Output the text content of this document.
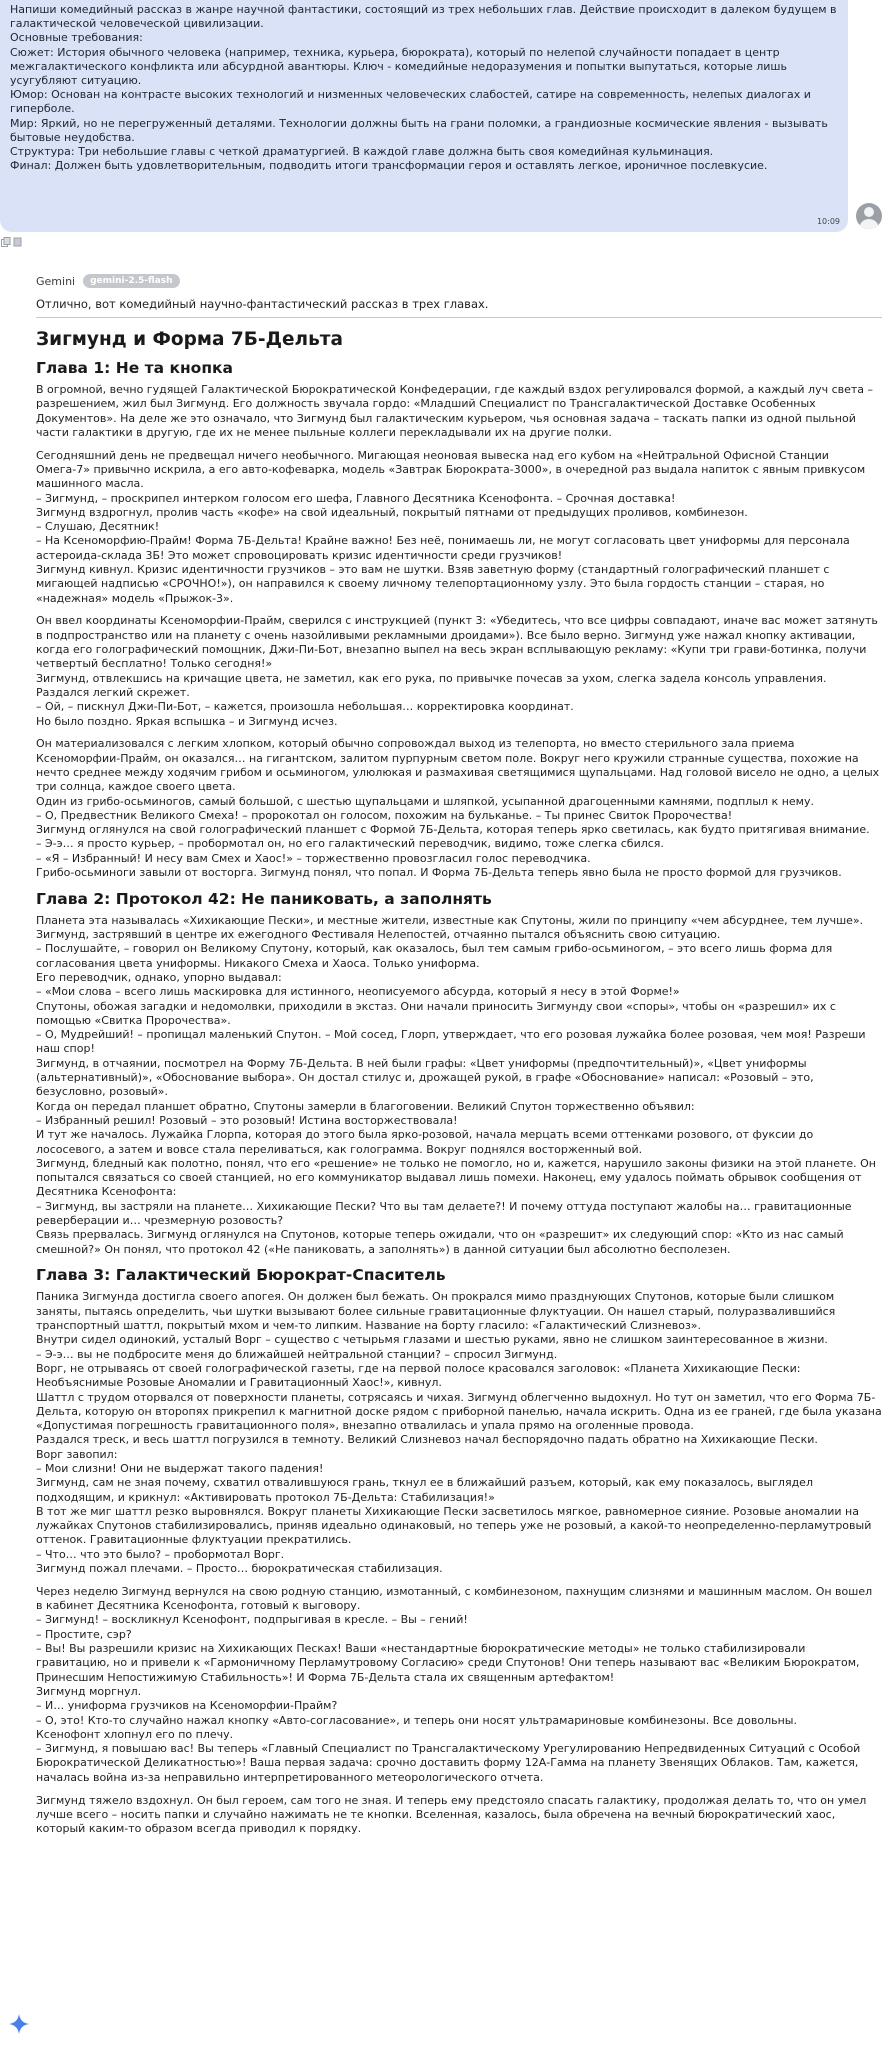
Напиши комедийный рассказ в жанре научной фантастики, состоящий из трех небольших глав. Действие происходит в далеком будущем в галактической человеческой цивилизации.

Основные требования:

Сюжет: История обычного человека (например, техника, курьера, бюрократа), который по нелепой случайности попадает в центр межгалактического конфликта или абсурдной авантюры. Ключ - комедийные недоразумения и попытки выпутаться, которые лишь усугубляют ситуацию.

Юмор: Основан на контрасте высоких технологий и низменных человеческих слабостей, сатире на современность, нелепых диалогах и гиперболе.

Мир: Яркий, но не перегруженный деталями. Технологии должны быть на грани поломки, а грандиозные космические явления - вызывать бытовые неудобства.

Структура: Три небольшие главы с четкой драматургией. В каждой главе должна быть своя комедийная кульминация.

Финал: Должен быть удовлетворительным, подводить итоги трансформации героя и оставлять легкое, ироничное послевкусие.

10:09
Gemini	gemini-2.5-flash
Отлично, вот комедийный научно-фантастический рассказ в трех главах.
Зигмунд и Форма 7Б-Дельта
Глава 1: Не та кнопка

В огромной, вечно гудящей Галактической Бюрократической Конфедерации, где каждый вздох регулировался формой, а каждый луч света – разрешением, жил был Зигмунд. Его должность звучала гордо: «Младший Специалист по Трансгалактической Доставке Особенных Документов». На деле же это означало, что Зигмунд был галактическим курьером, чья основная задача – таскать папки из одной пыльной части галактики в другую, где их не менее пыльные коллеги перекладывали их на другие полки.

Сегодняшний день не предвещал ничего необычного. Мигающая неоновая вывеска над его кубом на «Нейтральной Офисной Станции Омега-7» привычно искрила, а его авто-кофеварка, модель «Завтрак Бюрократа-3000», в очередной раз выдала напиток с явным привкусом машинного масла.
– Зигмунд, – проскрипел интерком голосом его шефа, Главного Десятника Ксенофонта. – Срочная доставка!
Зигмунд вздрогнул, пролив часть «кофе» на свой идеальный, покрытый пятнами от предыдущих проливов, комбинезон.
– Слушаю, Десятник!
– На Ксеноморфию-Прайм! Форма 7Б-Дельта! Крайне важно! Без неё, понимаешь ли, не могут согласовать цвет униформы для персонала астероида-склада 3Б! Это может спровоцировать кризис идентичности среди грузчиков!
Зигмунд кивнул. Кризис идентичности грузчиков – это вам не шутки. Взяв заветную форму (стандартный голографический планшет с мигающей надписью «СРОЧНО!»), он направился к своему личному телепортационному узлу. Это была гордость станции – старая, но «надежная» модель «Прыжок-3».

Он ввел координаты Ксеноморфии-Прайм, сверился с инструкцией (пункт 3: «Убедитесь, что все цифры совпадают, иначе вас может затянуть в подпространство или на планету с очень назойливыми рекламными дроидами»). Все было верно. Зигмунд уже нажал кнопку активации, когда его голографический помощник, Джи-Пи-Бот, внезапно выпел на весь экран всплывающую рекламу: «Купи три грави-ботинка, получи четвертый бесплатно! Только сегодня!»
Зигмунд, отвлекшись на кричащие цвета, не заметил, как его рука, по привычке почесав за ухом, слегка задела консоль управления. Раздался легкий скрежет.
– Ой, – пискнул Джи-Пи-Бот, – кажется, произошла небольшая… корректировка координат.
Но было поздно. Яркая вспышка – и Зигмунд исчез.

Он материализовался с легким хлопком, который обычно сопровождал выход из телепорта, но вместо стерильного зала приема Ксеноморфии-Прайм, он оказался… на гигантском, залитом пурпурным светом поле. Вокруг него кружили странные существа, похожие на нечто среднее между ходячим грибом и осьминогом, улюлюкая и размахивая светящимися щупальцами. Над головой висело не одно, а целых три солнца, каждое своего цвета.
Один из грибо-осьминогов, самый большой, с шестью щупальцами и шляпкой, усыпанной драгоценными камнями, подплыл к нему.
– О, Предвестник Великого Смеха! – пророкотал он голосом, похожим на бульканье. – Ты принес Свиток Пророчества!
Зигмунд оглянулся на свой голографический планшет с Формой 7Б-Дельта, которая теперь ярко светилась, как будто притягивая внимание.
– Э-э… я просто курьер, – пробормотал он, но его галактический переводчик, видимо, тоже слегка сбился.
– «Я – Избранный! И несу вам Смех и Хаос!» – торжественно провозгласил голос переводчика.
Грибо-осьминоги завыли от восторга. Зигмунд понял, что попал. И Форма 7Б-Дельта теперь явно была не просто формой для грузчиков.

Глава 2: Протокол 42: Не паниковать, а заполнять

Планета эта называлась «Хихикающие Пески», и местные жители, известные как Спутоны, жили по принципу «чем абсурднее, тем лучше». Зигмунд, застрявший в центре их ежегодного Фестиваля Нелепостей, отчаянно пытался объяснить свою ситуацию.
– Послушайте, – говорил он Великому Спутону, который, как оказалось, был тем самым грибо-осьминогом, – это всего лишь форма для согласования цвета униформы. Никакого Смеха и Хаоса. Только униформа.
Его переводчик, однако, упорно выдавал:
– «Мои слова – всего лишь маскировка для истинного, неописуемого абсурда, который я несу в этой Форме!»
Спутоны, обожая загадки и недомолвки, приходили в экстаз. Они начали приносить Зигмунду свои «споры», чтобы он «разрешил» их с помощью «Свитка Пророчества».
– О, Мудрейший! – пропищал маленький Спутон. – Мой сосед, Глорп, утверждает, что его розовая лужайка более розовая, чем моя! Разреши наш спор!
Зигмунд, в отчаянии, посмотрел на Форму 7Б-Дельта. В ней были графы: «Цвет униформы (предпочтительный)», «Цвет униформы (альтернативный)», «Обоснование выбора». Он достал стилус и, дрожащей рукой, в графе «Обоснование» написал: «Розовый – это, безусловно, розовый».
Когда он передал планшет обратно, Спутоны замерли в благоговении. Великий Спутон торжественно объявил:
– Избранный решил! Розовый – это розовый! Истина восторжествовала!
И тут же началось. Лужайка Глорпа, которая до этого была ярко-розовой, начала мерцать всеми оттенками розового, от фуксии до лососевого, а затем и вовсе стала переливаться, как голограмма. Вокруг поднялся восторженный вой.
Зигмунд, бледный как полотно, понял, что его «решение» не только не помогло, но и, кажется, нарушило законы физики на этой планете. Он попытался связаться со своей станцией, но его коммуникатор выдавал лишь помехи. Наконец, ему удалось поймать обрывок сообщения от Десятника Ксенофонта:
– Зигмунд, вы застряли на планете… Хихикающие Пески? Что вы там делаете?! И почему оттуда поступают жалобы на… гравитационные реверберации и… чрезмерную розовость?
Связь прервалась. Зигмунд оглянулся на Спутонов, которые теперь ожидали, что он «разрешит» их следующий спор: «Кто из нас самый смешной?» Он понял, что протокол 42 («Не паниковать, а заполнять») в данной ситуации был абсолютно бесполезен.

Глава 3: Галактический Бюрократ-Спаситель

Паника Зигмунда достигла своего апогея. Он должен был бежать. Он прокрался мимо празднующих Спутонов, которые были слишком заняты, пытаясь определить, чьи шутки вызывают более сильные гравитационные флуктуации. Он нашел старый, полуразвалившийся транспортный шаттл, покрытый мхом и чем-то липким. Название на борту гласило: «Галактический Слизневоз».
Внутри сидел одинокий, усталый Ворг – существо с четырьмя глазами и шестью руками, явно не слишком заинтересованное в жизни.
– Э-э… вы не подбросите меня до ближайшей нейтральной станции? – спросил Зигмунд.
Ворг, не отрываясь от своей голографической газеты, где на первой полосе красовался заголовок: «Планета Хихикающие Пески: Необъяснимые Розовые Аномалии и Гравитационный Хаос!», кивнул.
Шаттл с трудом оторвался от поверхности планеты, сотрясаясь и чихая. Зигмунд облегченно выдохнул. Но тут он заметил, что его Форма 7Б-Дельта, которую он второпях прикрепил к магнитной доске рядом с приборной панелью, начала искрить. Одна из ее граней, где была указана «Допустимая погрешность гравитационного поля», внезапно отвалилась и упала прямо на оголенные провода.
Раздался треск, и весь шаттл погрузился в темноту. Великий Слизневоз начал беспорядочно падать обратно на Хихикающие Пески.
Ворг завопил:
– Мои слизни! Они не выдержат такого падения!
Зигмунд, сам не зная почему, схватил отвалившуюся грань, ткнул ее в ближайший разъем, который, как ему показалось, выглядел подходящим, и крикнул: «Активировать протокол 7Б-Дельта: Стабилизация!»
В тот же миг шаттл резко выровнялся. Вокруг планеты Хихикающие Пески засветилось мягкое, равномерное сияние. Розовые аномалии на лужайках Спутонов стабилизировались, приняв идеально одинаковый, но теперь уже не розовый, а какой-то неопределенно-перламутровый оттенок. Гравитационные флуктуации прекратились.
– Что… что это было? – пробормотал Ворг.
Зигмунд пожал плечами. – Просто… бюрократическая стабилизация.

Через неделю Зигмунд вернулся на свою родную станцию, измотанный, с комбинезоном, пахнущим слизнями и машинным маслом. Он вошел в кабинет Десятника Ксенофонта, готовый к выговору.
– Зигмунд! – воскликнул Ксенофонт, подпрыгивая в кресле. – Вы – гений!
– Простите, сэр?
– Вы! Вы разрешили кризис на Хихикающих Песках! Ваши «нестандартные бюрократические методы» не только стабилизировали гравитацию, но и привели к «Гармоничному Перламутровому Согласию» среди Спутонов! Они теперь называют вас «Великим Бюрократом, Принесшим Непостижимую Стабильность»! И Форма 7Б-Дельта стала их священным артефактом!
Зигмунд моргнул.
– И… униформа грузчиков на Ксеноморфии-Прайм?
– О, это! Кто-то случайно нажал кнопку «Авто-согласование», и теперь они носят ультрамариновые комбинезоны. Все довольны.
Ксенофонт хлопнул его по плечу.
– Зигмунд, я повышаю вас! Вы теперь «Главный Специалист по Трансгалактическому Урегулированию Непредвиденных Ситуаций с Особой Бюрократической Деликатностью»! Ваша первая задача: срочно доставить форму 12А-Гамма на планету Звенящих Облаков. Там, кажется, началась война из-за неправильно интерпретированного метеорологического отчета.

Зигмунд тяжело вздохнул. Он был героем, сам того не зная. И теперь ему предстояло спасать галактику, продолжая делать то, что он умел лучше всего – носить папки и случайно нажимать не те кнопки. Вселенная, казалось, была обречена на вечный бюрократический хаос, который каким-то образом всегда приводил к порядку.
